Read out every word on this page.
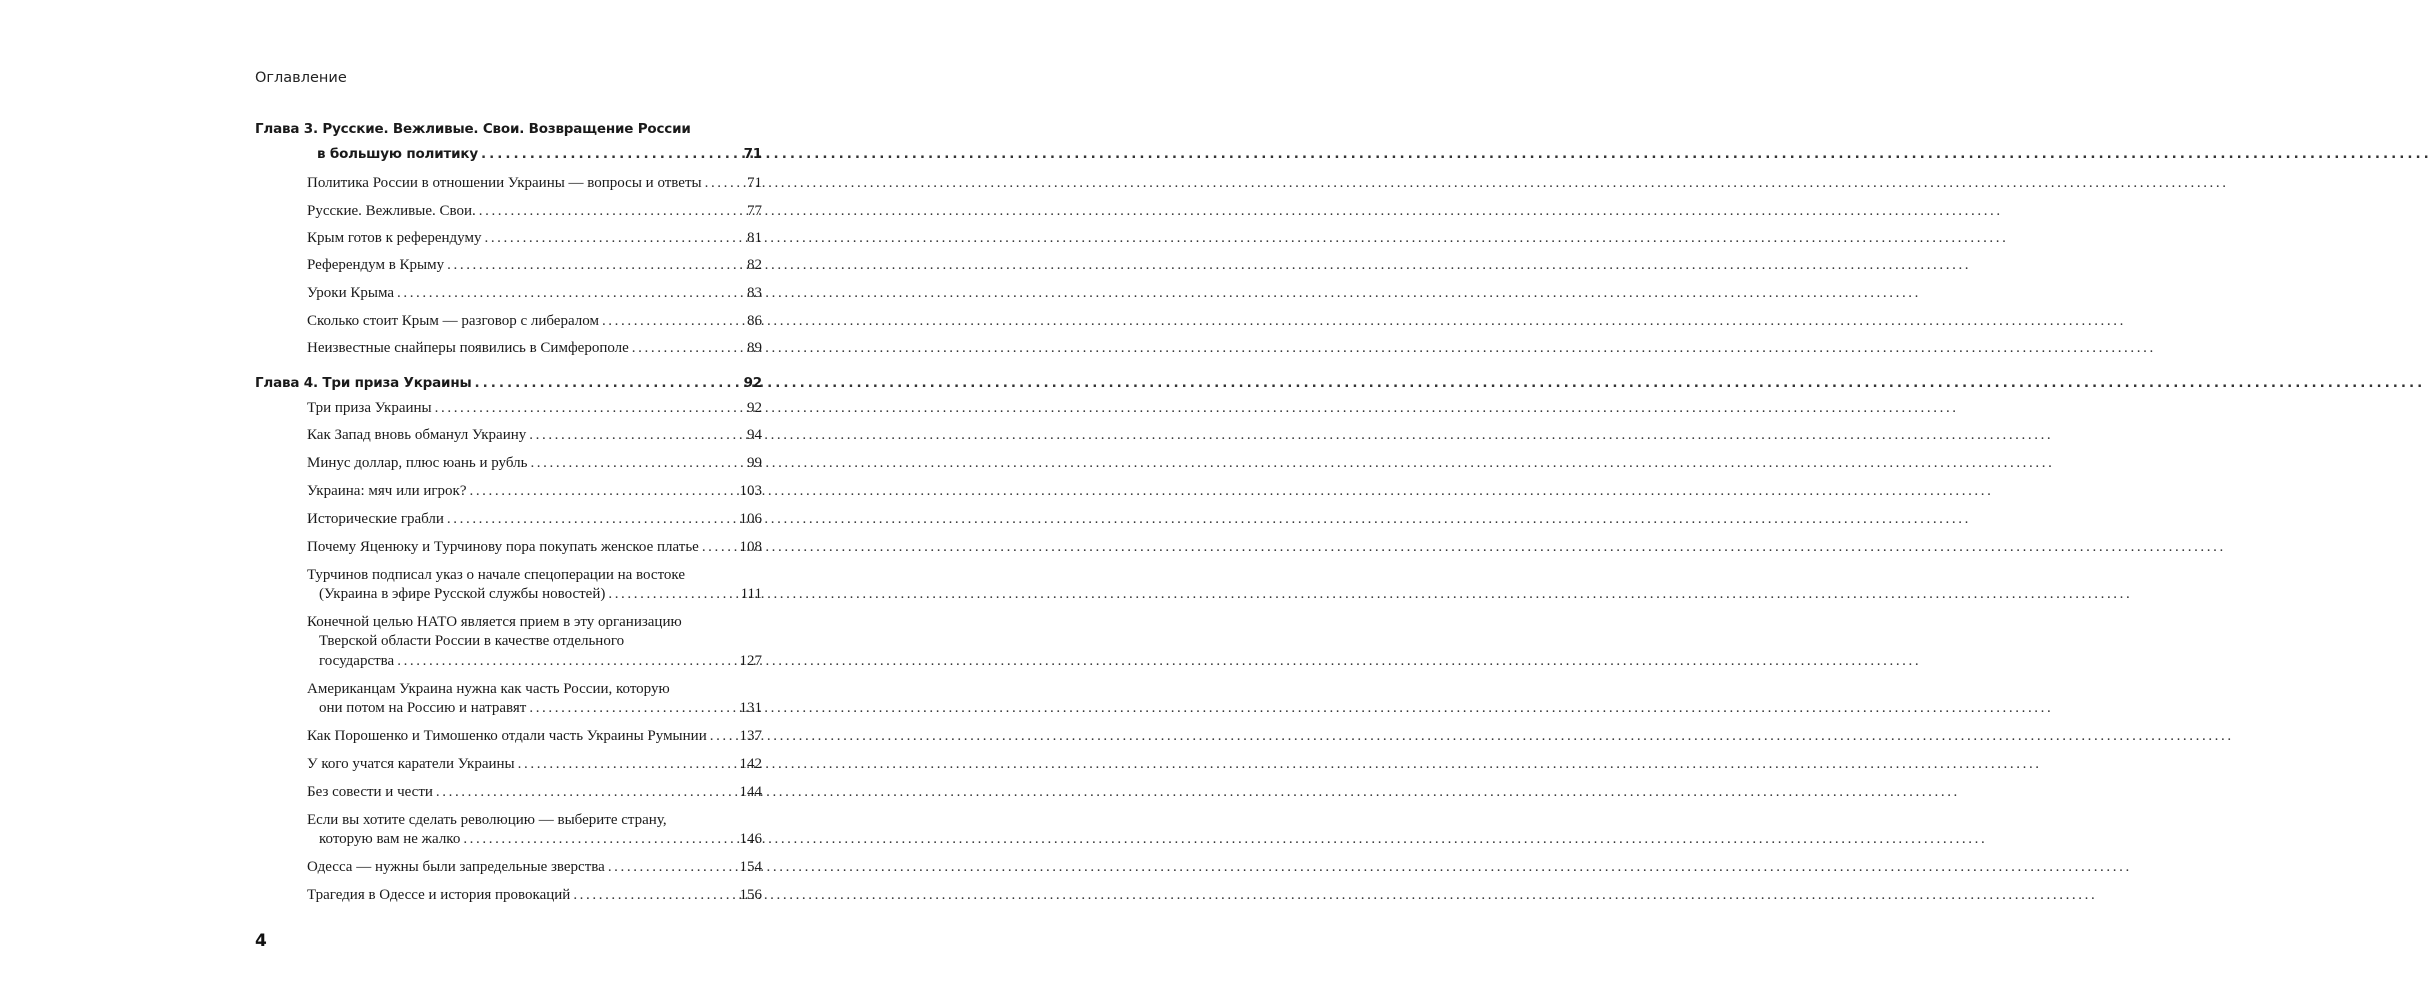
Оглавление
Глава 3. Русские. Вежливые. Свои. Возвращение России
в большую политику .....	71
Политика России в отношении Украины — вопросы и ответы .....	71
Русские. Вежливые. Свои. .....	77
Крым готов к референдуму .....	81
Референдум в Крыму .....	82
Уроки Крыма .....	83
Сколько стоит Крым — разговор с либералом .....	86
Неизвестные снайперы появились в Симферополе .....	89
Глава 4. Три приза Украины .....	92
Три приза Украины .....	92
Как Запад вновь обманул Украину .....	94
Минус доллар, плюс юань и рубль .....	99
Украина: мяч или игрок? .....	103
Исторические грабли .....	106
Почему Яценюку и Турчинову пора покупать женское платье .....	108
Турчинов подписал указ о начале спецоперации на востоке
(Украина в эфире Русской службы новостей) .....	111
Конечной целью НАТО является прием в эту организацию
Тверской области России в качестве отдельного
государства .....	127
Американцам Украина нужна как часть России, которую
они потом на Россию и натравят .....	131
Как Порошенко и Тимошенко отдали часть Украины Румынии ..... 137
У кого учатся каратели Украины .....	142
Без совести и чести .....	144
Если вы хотите сделать революцию — выберите страну,
которую вам не жалко .....	146
Одесса — нужны были запредельные зверства .....	154
Трагедия в Одессе и история провокаций .....	156
4
